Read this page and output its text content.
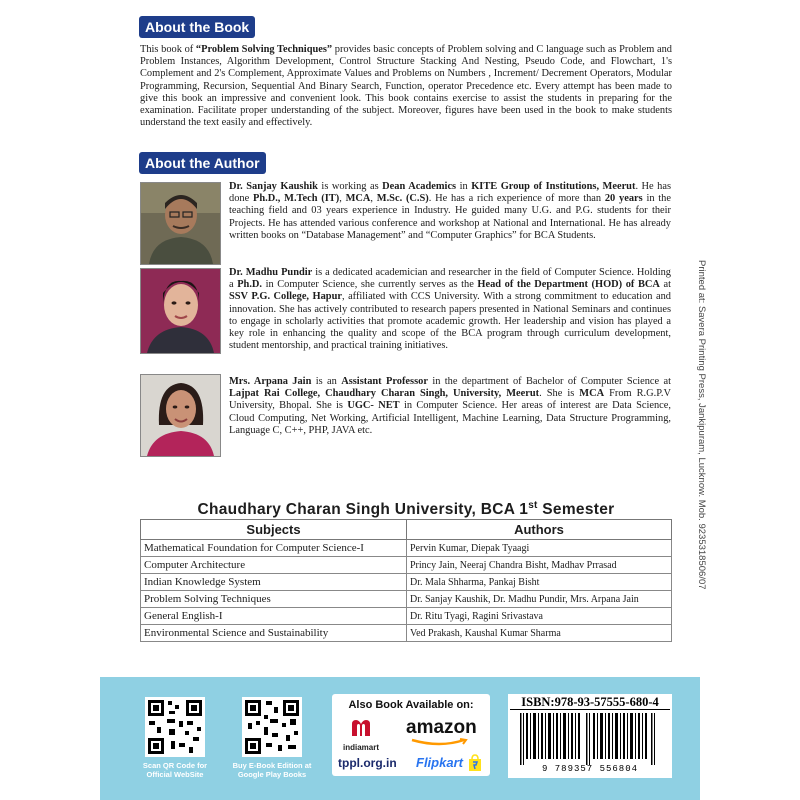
About the Book
This book of “Problem Solving Techniques” provides basic concepts of Problem solving and C language such as Problem and Problem Instances, Algorithm Development, Control Structure Stacking And Nesting, Pseudo Code, and Flowchart, 1's Complement and 2's Complement, Approximate Values and Problems on Numbers , Increment/ Decrement Operators, Modular Programming, Recursion, Sequential And Binary Search, Function, operator Precedence etc. Every attempt has been made to give this book an impressive and convenient look. This book contains exercise to assist the students in preparing for the examination. Facilitate proper understanding of the subject. Moreover, figures have been used in the book to make students understand the text easily and effectively.
About the Author
Dr. Sanjay Kaushik is working as Dean Academics in KITE Group of Institutions, Meerut. He has done Ph.D., M.Tech (IT), MCA, M.Sc. (C.S). He has a rich experience of more than 20 years in the teaching field and 03 years experience in Industry. He guided many U.G. and P.G. students for their Projects. He has attended various conference and workshop at National and International. He has already written books on “Database Management” and “Computer Graphics” for BCA Students.
Dr. Madhu Pundir is a dedicated academician and researcher in the field of Computer Science. Holding a Ph.D. in Computer Science, she currently serves as the Head of the Department (HOD) of BCA at SSV P.G. College, Hapur, affiliated with CCS University. With a strong commitment to education and innovation. She has actively contributed to research papers presented in National Seminars and continues to engage in scholarly activities that promote academic growth. Her leadership and vision has played a key role in enhancing the quality and scope of the BCA program through curriculum development, student mentorship, and practical training initiatives.
Mrs. Arpana Jain is an Assistant Professor in the department of Bachelor of Computer Science at Lajpat Rai College, Chaudhary Charan Singh, University, Meerut. She is MCA From R.G.P.V University, Bhopal. She is UGC- NET in Computer Science. Her areas of interest are Data Science, Cloud Computing, Net Working, Artificial Intelligent, Machine Learning, Data Structure Programming, Language C, C++, PHP, JAVA etc.	Printed at: Savera Printing Press, Jankipuram, Lucknow. Mob. 9235318506/07
Chaudhary Charan Singh University, BCA 1st Semester
Subjects	Authors
Mathematical Foundation for Computer Science-I	Pervin Kumar, Diepak Tyaagi
Computer Architecture	Princy Jain, Neeraj Chandra Bisht, Madhav Prrasad
Indian Knowledge System	Dr. Mala Shharma, Pankaj Bisht
Problem Solving Techniques	Dr. Sanjay Kaushik, Dr. Madhu Pundir, Mrs. Arpana Jain
General English-I	Dr. Ritu Tyagi, Ragini Srivastava
Environmental Science and Sustainability	Ved Prakash, Kaushal Kumar Sharma
Scan QR Code for Official WebSite
Buy E-Book Edition at Google Play Books
Also Book Available on:
indiamart
amazon
tppl.org.in Flipkart
ISBN:978-93-57555-680-4
9 789357 556804
